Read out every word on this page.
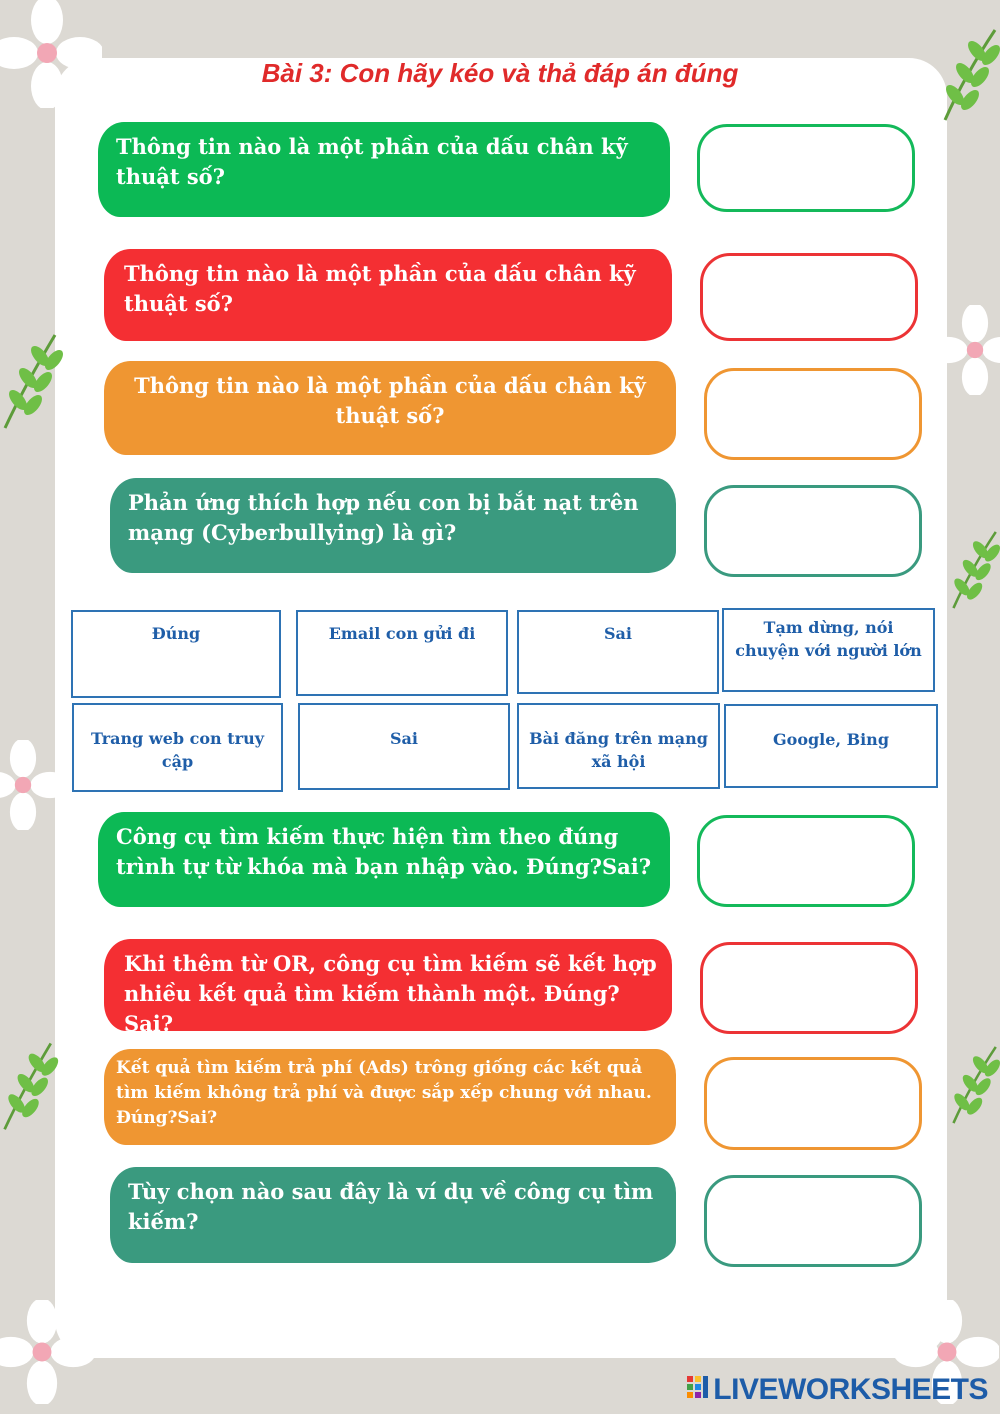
Bài 3: Con hãy kéo và thả đáp án đúng
Thông tin nào là một phần của dấu chân kỹ thuật số?
Thông tin nào là một phần của dấu chân kỹ thuật số?
Thông tin nào là một phần của dấu chân kỹ thuật số?
Phản ứng thích hợp nếu con bị bắt nạt trên mạng (Cyberbullying) là gì?
Đúng	Email con gửi đi	Sai	Tạm dừng, nói chuyện với người lớn
Trang web con truy cập
Sai	Bài đăng trên mạng xã hội
Google, Bing
Công cụ tìm kiếm thực hiện tìm theo đúng trình tự từ khóa mà bạn nhập vào. Đúng?Sai?
Khi thêm từ OR, công cụ tìm kiếm sẽ kết hợp nhiều kết quả tìm kiếm thành một. Đúng?Sai?
Kết quả tìm kiếm trả phí (Ads) trông giống các kết quả tìm kiếm không trả phí và được sắp xếp chung với nhau. Đúng?Sai?
Tùy chọn nào sau đây là ví dụ về công cụ tìm kiếm?
LIVEWORKSHEETS
